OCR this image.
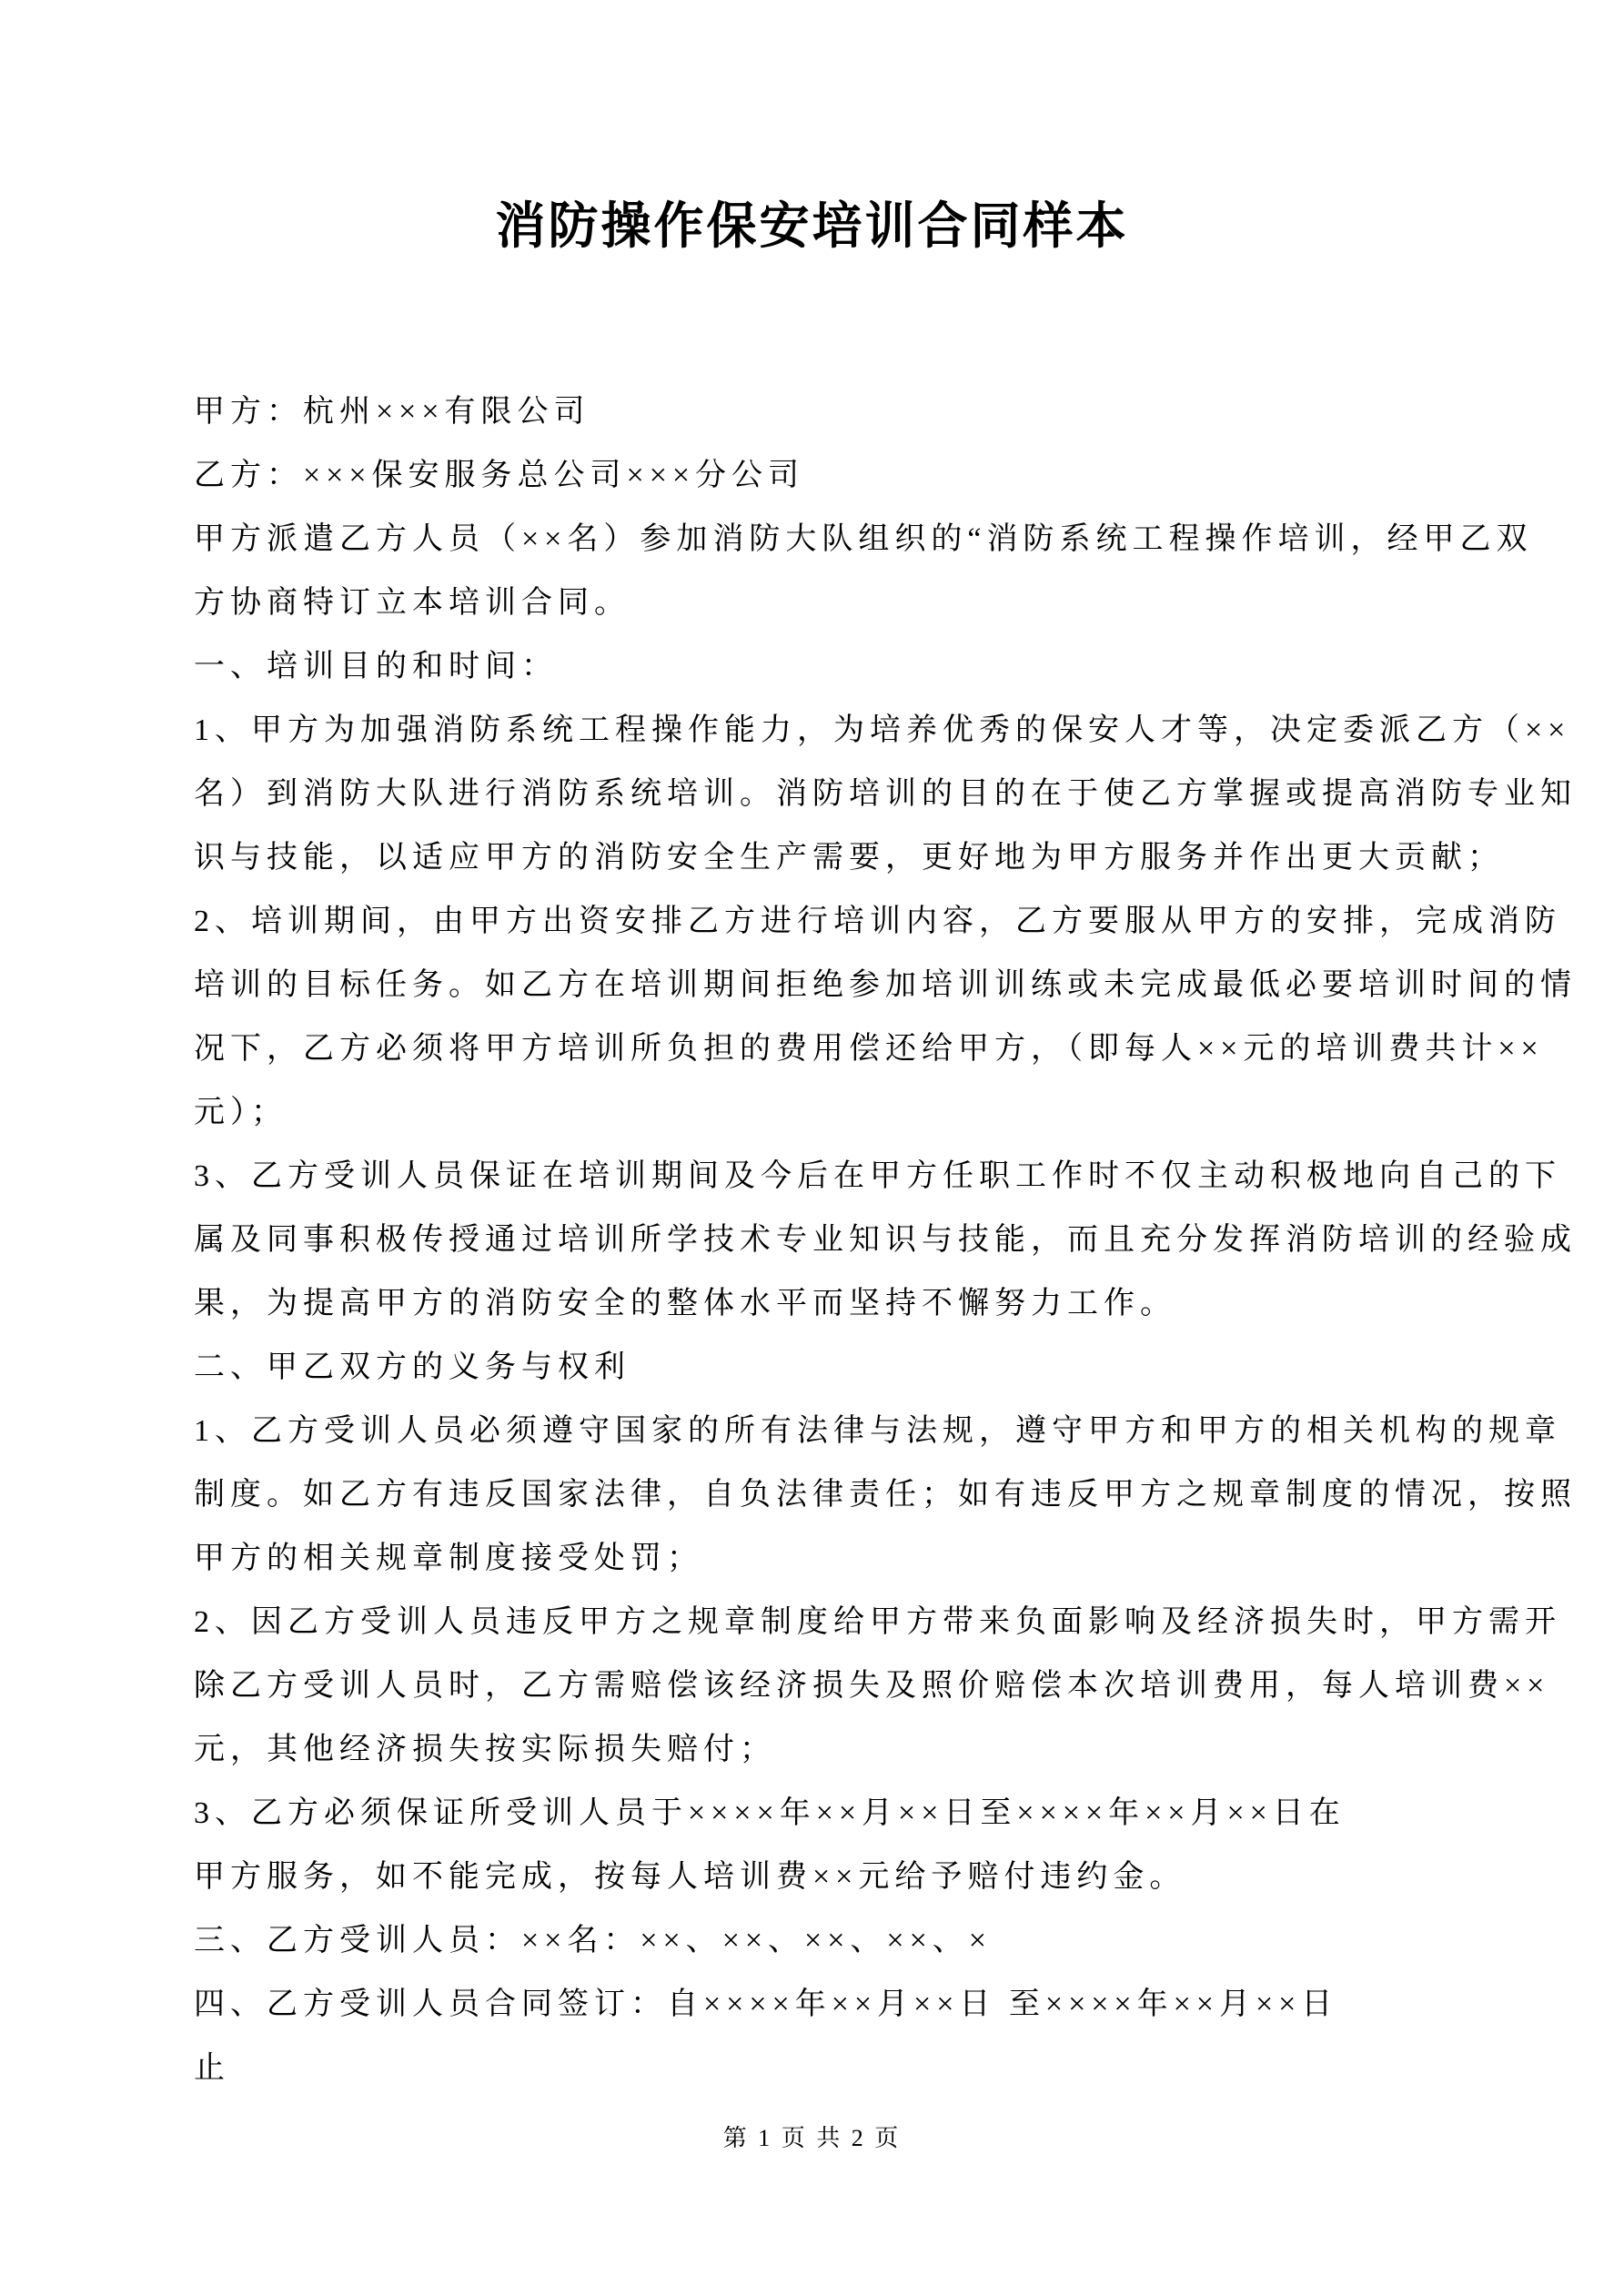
消防操作保安培训合同样本
甲方：杭州×××有限公司
乙方：×××保安服务总公司×××分公司
甲方派遣乙方人员（××名）参加消防大队组织的“消防系统工程操作培训，经甲乙双
方协商特订立本培训合同。
一、培训目的和时间：
1、甲方为加强消防系统工程操作能力，为培养优秀的保安人才等，决定委派乙方（××
名）到消防大队进行消防系统培训。消防培训的目的在于使乙方掌握或提高消防专业知
识与技能，以适应甲方的消防安全生产需要，更好地为甲方服务并作出更大贡献；
2、培训期间，由甲方出资安排乙方进行培训内容，乙方要服从甲方的安排，完成消防
培训的目标任务。如乙方在培训期间拒绝参加培训训练或未完成最低必要培训时间的情
况下，乙方必须将甲方培训所负担的费用偿还给甲方，（即每人××元的培训费共计××
元）；
3、乙方受训人员保证在培训期间及今后在甲方任职工作时不仅主动积极地向自己的下
属及同事积极传授通过培训所学技术专业知识与技能，而且充分发挥消防培训的经验成
果，为提高甲方的消防安全的整体水平而坚持不懈努力工作。
二、甲乙双方的义务与权利
1、乙方受训人员必须遵守国家的所有法律与法规，遵守甲方和甲方的相关机构的规章
制度。如乙方有违反国家法律，自负法律责任；如有违反甲方之规章制度的情况，按照
甲方的相关规章制度接受处罚；
2、因乙方受训人员违反甲方之规章制度给甲方带来负面影响及经济损失时，甲方需开
除乙方受训人员时，乙方需赔偿该经济损失及照价赔偿本次培训费用，每人培训费××
元，其他经济损失按实际损失赔付；
3、乙方必须保证所受训人员于××××年××月××日至××××年××月××日在
甲方服务，如不能完成，按每人培训费××元给予赔付违约金。
三、乙方受训人员：××名：××、××、××、××、×
四、乙方受训人员合同签订：自××××年××月××日 至××××年××月××日
止
第 1 页 共 2 页
